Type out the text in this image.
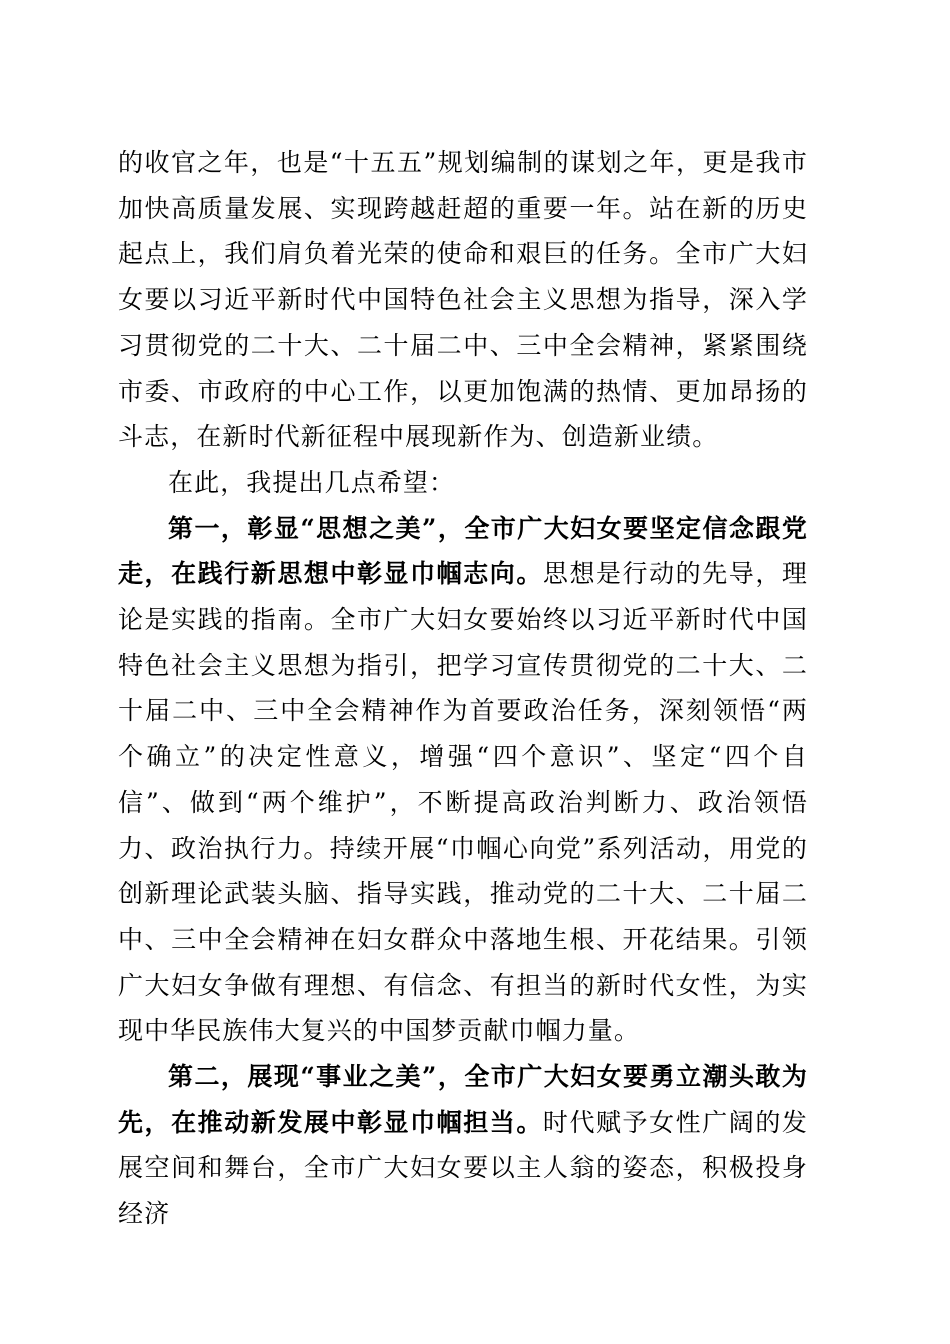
的收官之年，也是“十五五”规划编制的谋划之年，更是我市加快高质量发展、实现跨越赶超的重要一年。站在新的历史起点上，我们肩负着光荣的使命和艰巨的任务。全市广大妇女要以习近平新时代中国特色社会主义思想为指导，深入学习贯彻党的二十大、二十届二中、三中全会精神，紧紧围绕市委、市政府的中心工作，以更加饱满的热情、更加昂扬的斗志，在新时代新征程中展现新作为、创造新业绩。

在此，我提出几点希望：

第一，彰显“思想之美”，全市广大妇女要坚定信念跟党走，在践行新思想中彰显巾帼志向。思想是行动的先导，理论是实践的指南。全市广大妇女要始终以习近平新时代中国特色社会主义思想为指引，把学习宣传贯彻党的二十大、二十届二中、三中全会精神作为首要政治任务，深刻领悟“两个确立”的决定性意义，增强“四个意识”、坚定“四个自信”、做到“两个维护”，不断提高政治判断力、政治领悟力、政治执行力。持续开展“巾帼心向党”系列活动，用党的创新理论武装头脑、指导实践，推动党的二十大、二十届二中、三中全会精神在妇女群众中落地生根、开花结果。引领广大妇女争做有理想、有信念、有担当的新时代女性，为实现中华民族伟大复兴的中国梦贡献巾帼力量。

第二，展现“事业之美”，全市广大妇女要勇立潮头敢为先，在推动新发展中彰显巾帼担当。时代赋予女性广阔的发展空间和舞台，全市广大妇女要以主人翁的姿态，积极投身经济
